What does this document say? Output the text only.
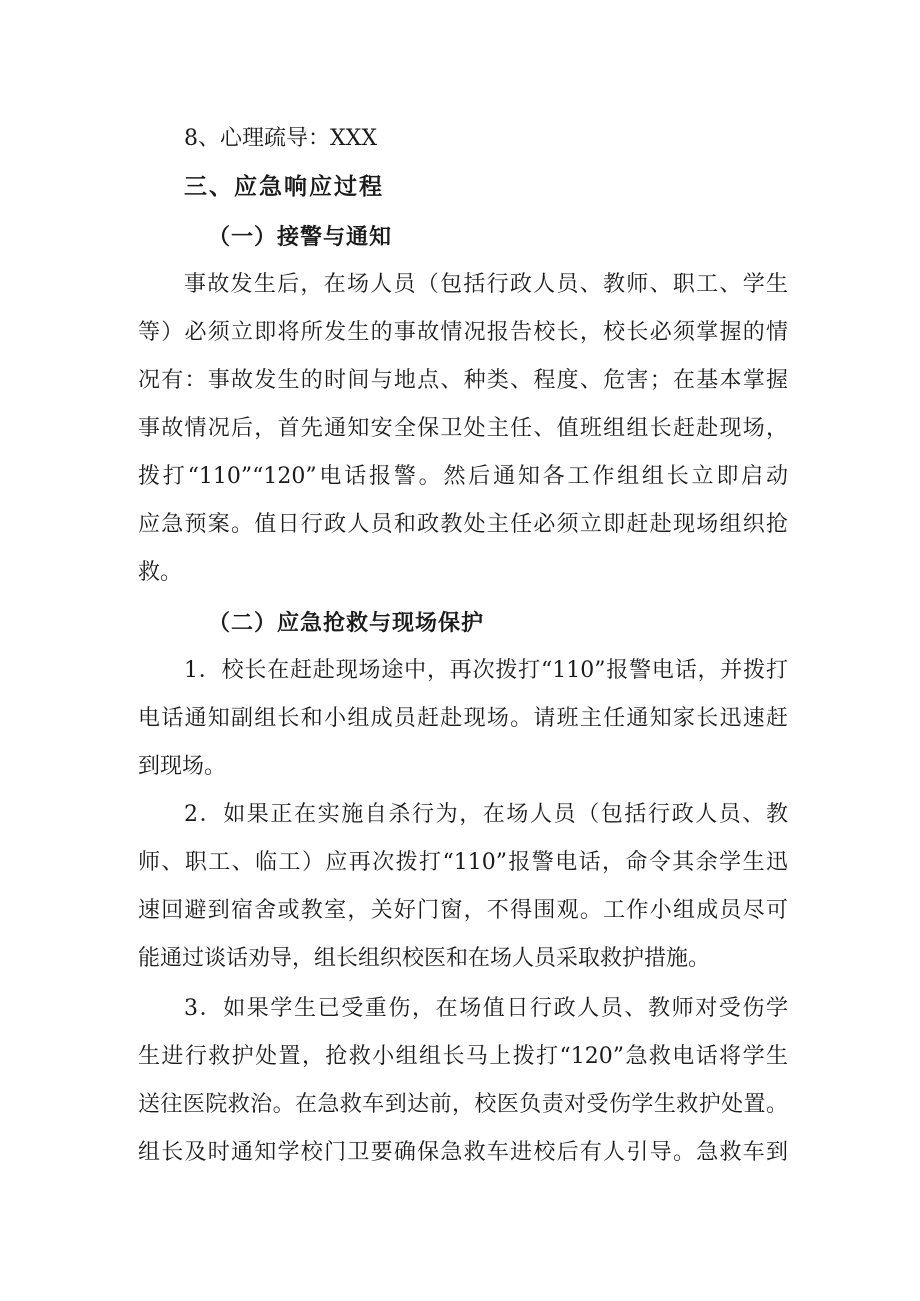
8、心理疏导：XXX
三、应急响应过程
（一）接警与通知
事故发生后，在场人员（包括行政人员、教师、职工、学生
等）必须立即将所发生的事故情况报告校长，校长必须掌握的情
况有：事故发生的时间与地点、种类、程度、危害；在基本掌握
事故情况后，首先通知安全保卫处主任、值班组组长赶赴现场，
拨打“110”“120”电话报警。然后通知各工作组组长立即启动
应急预案。值日行政人员和政教处主任必须立即赶赴现场组织抢
救。
（二）应急抢救与现场保护
1．校长在赶赴现场途中，再次拨打“110”报警电话，并拨打
电话通知副组长和小组成员赶赴现场。请班主任通知家长迅速赶
到现场。
2．如果正在实施自杀行为，在场人员（包括行政人员、教
师、职工、临工）应再次拨打“110”报警电话，命令其余学生迅
速回避到宿舍或教室，关好门窗，不得围观。工作小组成员尽可
能通过谈话劝导，组长组织校医和在场人员采取救护措施。
3．如果学生已受重伤，在场值日行政人员、教师对受伤学
生进行救护处置，抢救小组组长马上拨打“120”急救电话将学生
送往医院救治。在急救车到达前，校医负责对受伤学生救护处置。
组长及时通知学校门卫要确保急救车进校后有人引导。急救车到
